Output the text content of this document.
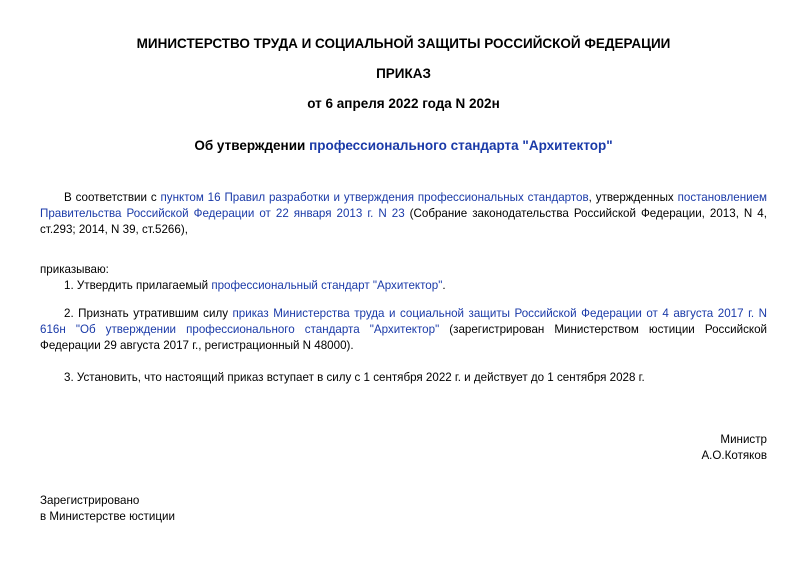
МИНИСТЕРСТВО ТРУДА И СОЦИАЛЬНОЙ ЗАЩИТЫ РОССИЙСКОЙ ФЕДЕРАЦИИ
ПРИКАЗ
от 6 апреля 2022 года N 202н
Об утверждении профессионального стандарта "Архитектор"
В соответствии с пунктом 16 Правил разработки и утверждения профессиональных стандартов, утвержденных постановлением Правительства Российской Федерации от 22 января 2013 г. N 23 (Собрание законодательства Российской Федерации, 2013, N 4, ст.293; 2014, N 39, ст.5266),
приказываю:
1. Утвердить прилагаемый профессиональный стандарт "Архитектор".
2. Признать утратившим силу приказ Министерства труда и социальной защиты Российской Федерации от 4 августа 2017 г. N 616н "Об утверждении профессионального стандарта "Архитектор" (зарегистрирован Министерством юстиции Российской Федерации 29 августа 2017 г., регистрационный N 48000).
3. Установить, что настоящий приказ вступает в силу с 1 сентября 2022 г. и действует до 1 сентября 2028 г.
Министр
А.О.Котяков
Зарегистрировано
в Министерстве юстиции
